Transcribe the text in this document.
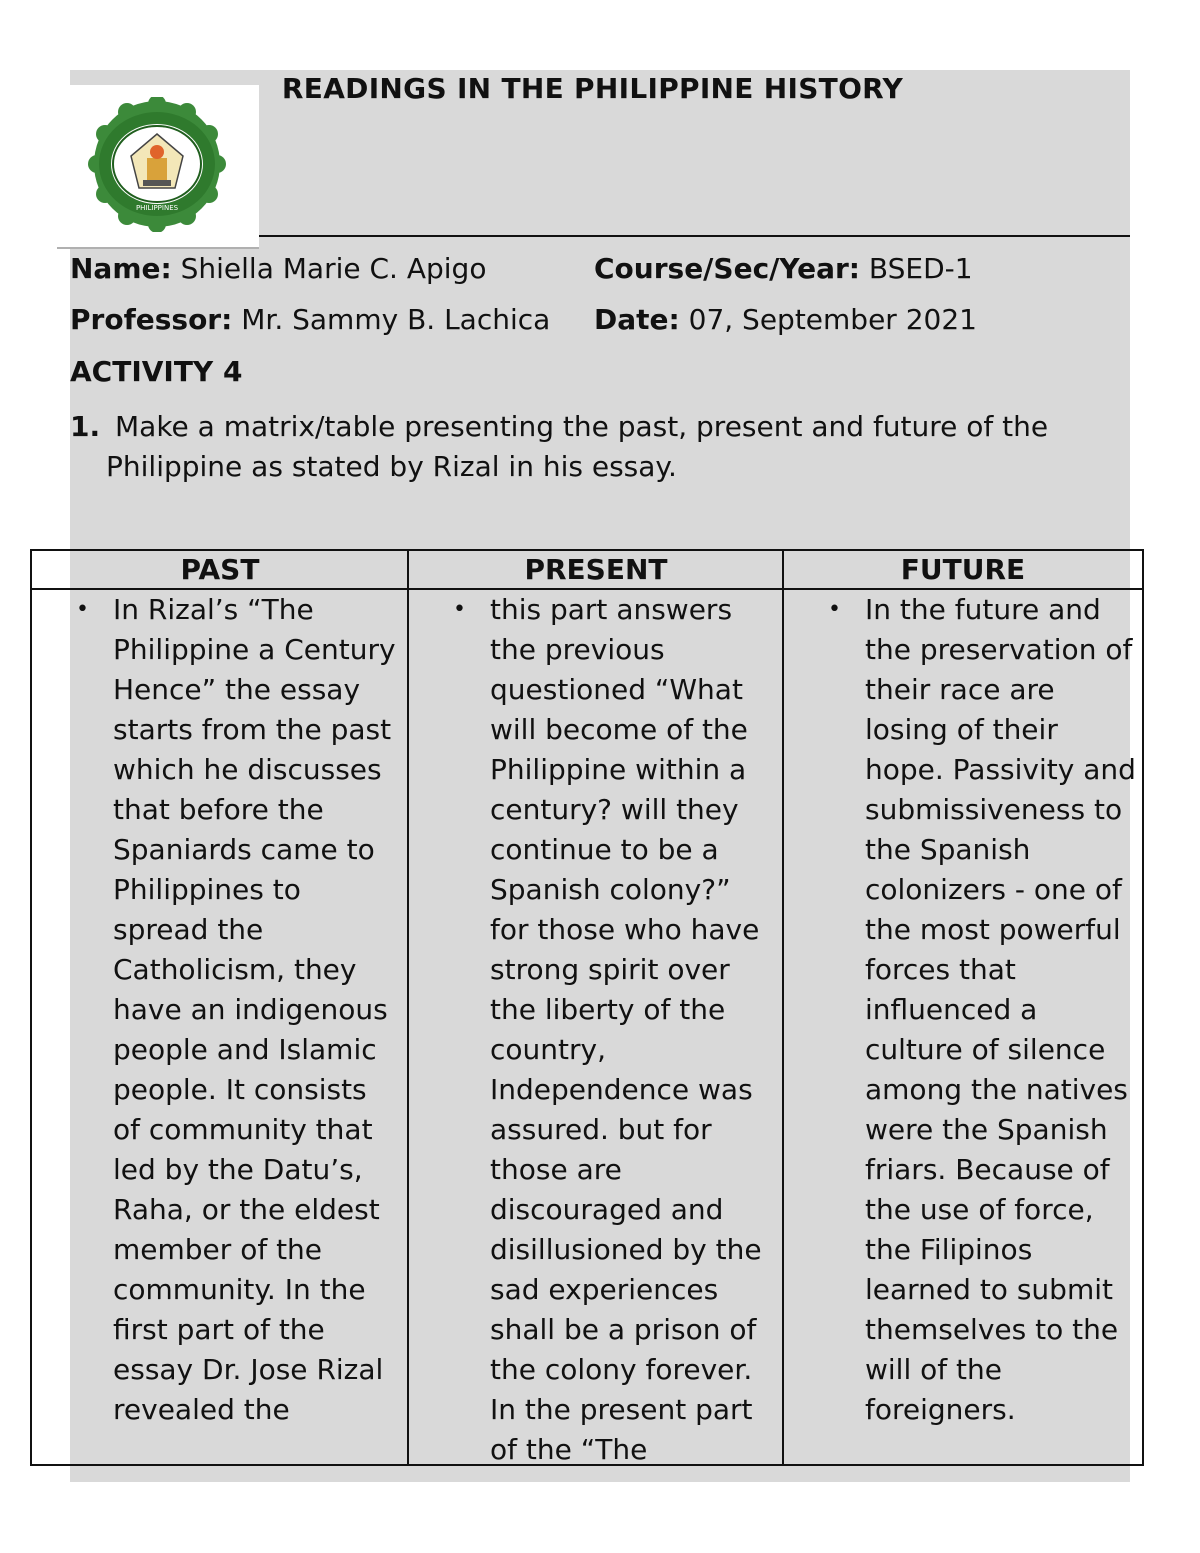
PHILIPPINES
READINGS IN THE PHILIPPINE HISTORY
Name: Shiella Marie C. Apigo	Course/Sec/Year: BSED-1
Professor: Mr. Sammy B. Lachica Date: 07, September 2021
ACTIVITY 4
1. Make a matrix/table presenting the past, present and future of the Philippine as stated by Rizal in his essay.
PAST
• In Rizal’s “The Philippine a Century Hence” the essay starts from the past which he discusses that before the Spaniards came to Philippines to spread the Catholicism, they have an indigenous people and Islamic people. It consists of community that led by the Datu’s, Raha, or the eldest member of the community. In the first part of the essay Dr. Jose Rizal revealed the

PRESENT
• this part answers the previous questioned “What will become of the Philippine within a century? will they continue to be a Spanish colony?” for those who have strong spirit over the liberty of the country, Independence was assured. but for those are discouraged and disillusioned by the sad experiences shall be a prison of the colony forever. In the present part of the “The

FUTURE
• In the future and the preservation of their race are losing of their hope. Passivity and submissiveness to the Spanish colonizers - one of the most powerful forces that influenced a culture of silence among the natives were the Spanish friars. Because of the use of force, the Filipinos learned to submit themselves to the will of the foreigners.
